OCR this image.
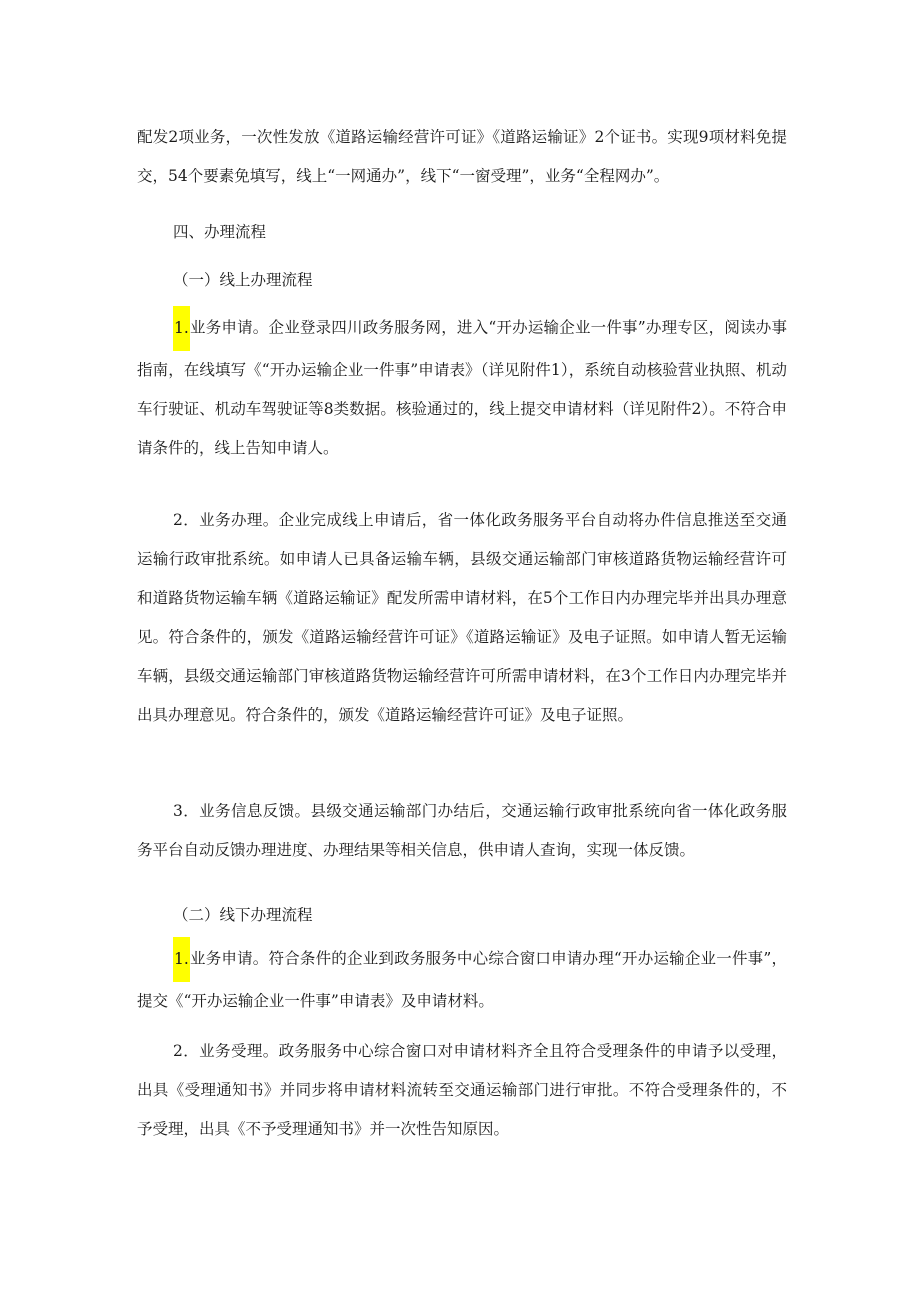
配发2项业务，一次性发放《道路运输经营许可证》《道路运输证》2个证书。实现9项材料免提交，54个要素免填写，线上“一网通办”，线下“一窗受理”，业务“全程网办”。

四、办理流程

（一）线上办理流程

1.业务申请。企业登录四川政务服务网，进入“开办运输企业一件事”办理专区，阅读办事指南，在线填写《“开办运输企业一件事”申请表》（详见附件1），系统自动核验营业执照、机动车行驶证、机动车驾驶证等8类数据。核验通过的，线上提交申请材料（详见附件2）。不符合申请条件的，线上告知申请人。

2．业务办理。企业完成线上申请后，省一体化政务服务平台自动将办件信息推送至交通运输行政审批系统。如申请人已具备运输车辆，县级交通运输部门审核道路货物运输经营许可和道路货物运输车辆《道路运输证》配发所需申请材料，在5个工作日内办理完毕并出具办理意见。符合条件的，颁发《道路运输经营许可证》《道路运输证》及电子证照。如申请人暂无运输车辆，县级交通运输部门审核道路货物运输经营许可所需申请材料，在3个工作日内办理完毕并出具办理意见。符合条件的，颁发《道路运输经营许可证》及电子证照。

3．业务信息反馈。县级交通运输部门办结后，交通运输行政审批系统向省一体化政务服务平台自动反馈办理进度、办理结果等相关信息，供申请人查询，实现一体反馈。

（二）线下办理流程

1.业务申请。符合条件的企业到政务服务中心综合窗口申请办理“开办运输企业一件事”，提交《“开办运输企业一件事”申请表》及申请材料。

2．业务受理。政务服务中心综合窗口对申请材料齐全且符合受理条件的申请予以受理，出具《受理通知书》并同步将申请材料流转至交通运输部门进行审批。不符合受理条件的，不予受理，出具《不予受理通知书》并一次性告知原因。
